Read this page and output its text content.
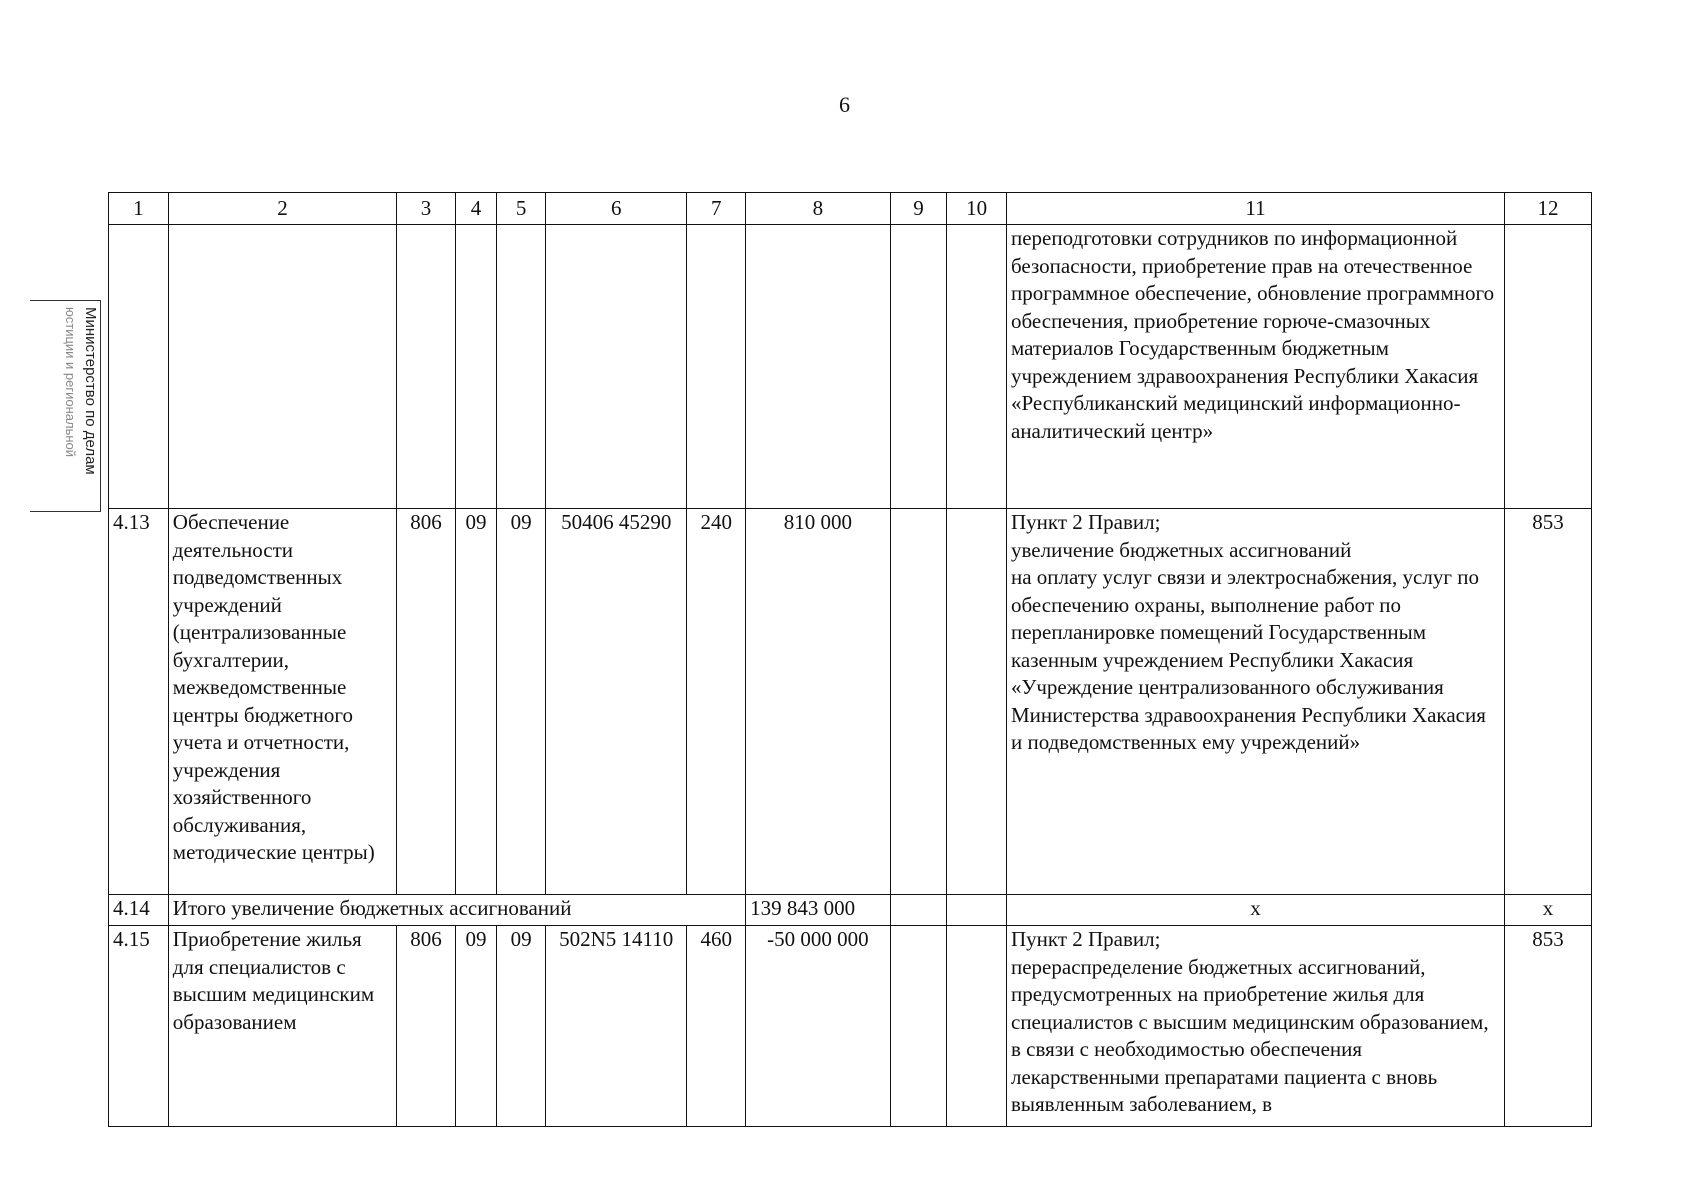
6
Министерство по делам
юстиции и региональной
1	2	3	4	5	6	7	8	9	10	11	12
										переподготовки сотрудников по информационной безопасности, приобретение прав на отечественное программное обеспечение, обновление программного обеспечения, приобретение горюче-смазочных материалов Государственным бюджетным учреждением здравоохранения Республики Хакасия «Республиканский медицинский информационно-аналитический центр»	
4.13	Обеспечение деятельности подведомственных учреждений (централизованные бухгалтерии, межведомственные центры бюджетного учета и отчетности, учреждения хозяйственного обслуживания, методические центры)	806	09	09	50406 45290	240	810 000			Пункт 2 Правил;
увеличение бюджетных ассигнований
на оплату услуг связи и электроснабжения, услуг по обеспечению охраны, выполнение работ по перепланировке помещений Государственным казенным учреждением Республики Хакасия «Учреждение централизованного обслуживания Министерства здравоохранения Республики Хакасия и подведомственных ему учреждений»	853
4.14	Итого увеличение бюджетных ассигнований						139 843 000			х	х
4.15	Приобретение жилья для специалистов с высшим медицинским образованием	806	09	09	502N5 14110	460	-50 000 000			Пункт 2 Правил;
перераспределение бюджетных ассигнований, предусмотренных на приобретение жилья для специалистов с высшим медицинским образованием, в связи с необходимостью обеспечения лекарственными препаратами пациента с вновь выявленным заболеванием, в	853
